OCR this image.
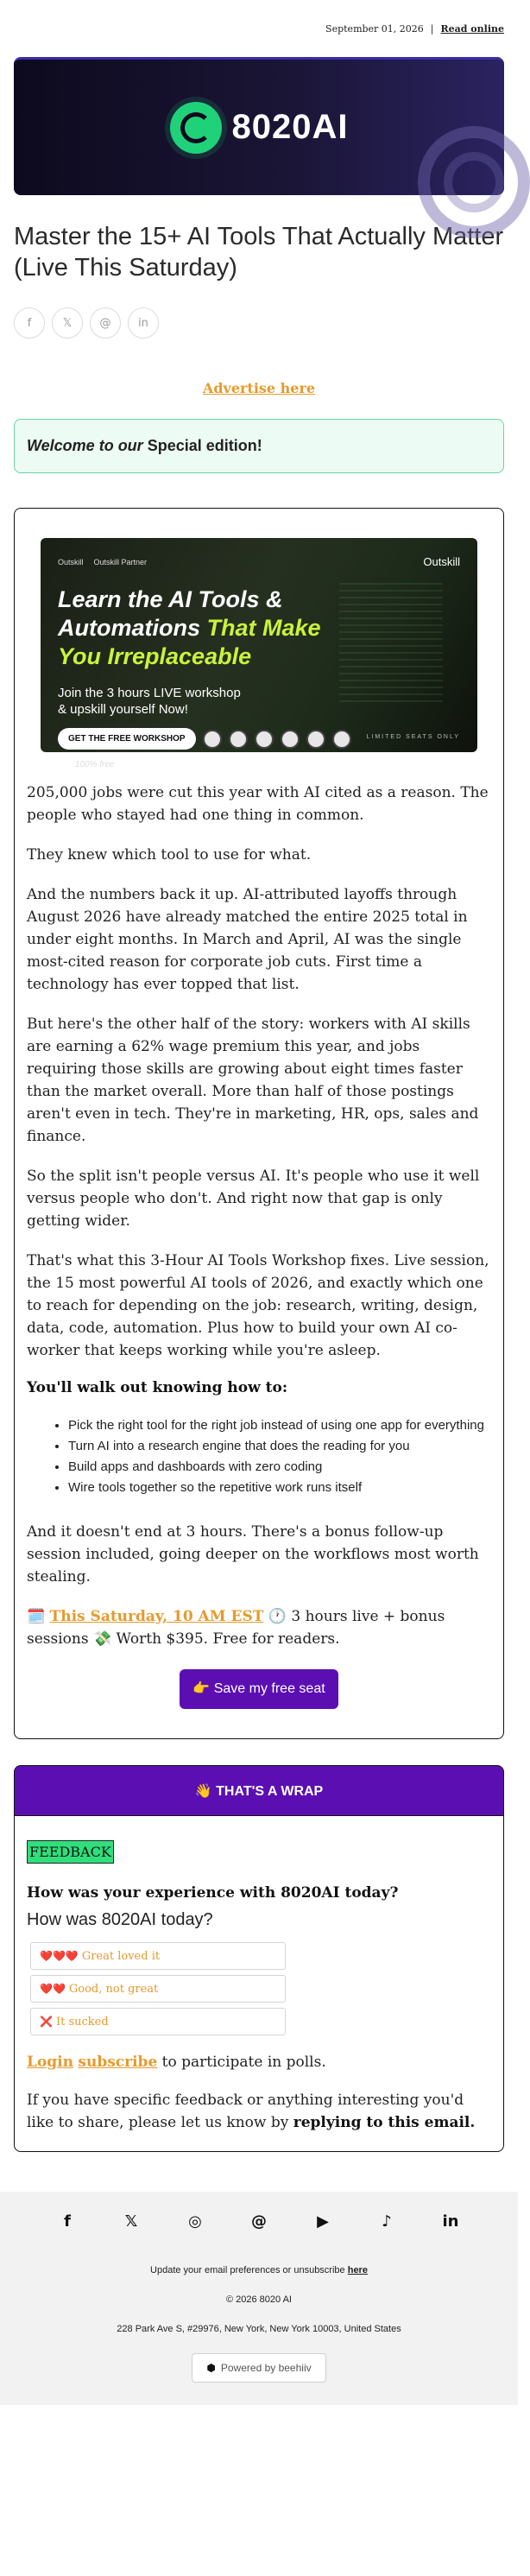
September 01, 2026 | Read online
8020AI
Master the 15+ AI Tools That Actually Matter (Live This Saturday)
f	𝕏	@	in
Advertise here
Welcome to our Special edition!
Outskill Outskill Partner	Outskill
Learn the AI Tools &
Automations That Make
You Irreplaceable
Join the 3 hours LIVE workshop
& upskill yourself Now!
GET THE FREE WORKSHOP
100% free
LIMITED SEATS ONLY

205,000 jobs were cut this year with AI cited as a reason. The people who stayed had one thing in common.

They knew which tool to use for what.

And the numbers back it up. AI-attributed layoffs through August 2026 have already matched the entire 2025 total in under eight months. In March and April, AI was the single most-cited reason for corporate job cuts. First time a technology has ever topped that list.

But here's the other half of the story: workers with AI skills are earning a 62% wage premium this year, and jobs requiring those skills are growing about eight times faster than the market overall. More than half of those postings aren't even in tech. They're in marketing, HR, ops, sales and finance.

So the split isn't people versus AI. It's people who use it well versus people who don't. And right now that gap is only getting wider.

That's what this 3-Hour AI Tools Workshop fixes. Live session, the 15 most powerful AI tools of 2026, and exactly which one to reach for depending on the job: research, writing, design, data, code, automation. Plus how to build your own AI co-worker that keeps working while you're asleep.

You'll walk out knowing how to:
• Pick the right tool for the right job instead of using one app for everything
• Turn AI into a research engine that does the reading for you
• Build apps and dashboards with zero coding
• Wire tools together so the repetitive work runs itself

And it doesn't end at 3 hours. There's a bonus follow-up session included, going deeper on the workflows most worth stealing.

🗓️ This Saturday, 10 AM EST 🕐 3 hours live + bonus sessions 💸 Worth $395. Free for readers.

👉 Save my free seat
👋 THAT'S A WRAP
FEEDBACK
How was your experience with 8020AI today?
How was 8020AI today?
❤️❤️❤️ Great loved it
❤️❤️ Good, not great
❌ It sucked

Login subscribe to participate in polls.

If you have specific feedback or anything interesting you'd like to share, please let us know by replying to this email.

f	𝕏	◎	@	▶	♪	in
Update your email preferences or unsubscribe here
© 2026 8020 AI
228 Park Ave S, #29976, New York, New York 10003, United States
⬢ Powered by beehiiv
